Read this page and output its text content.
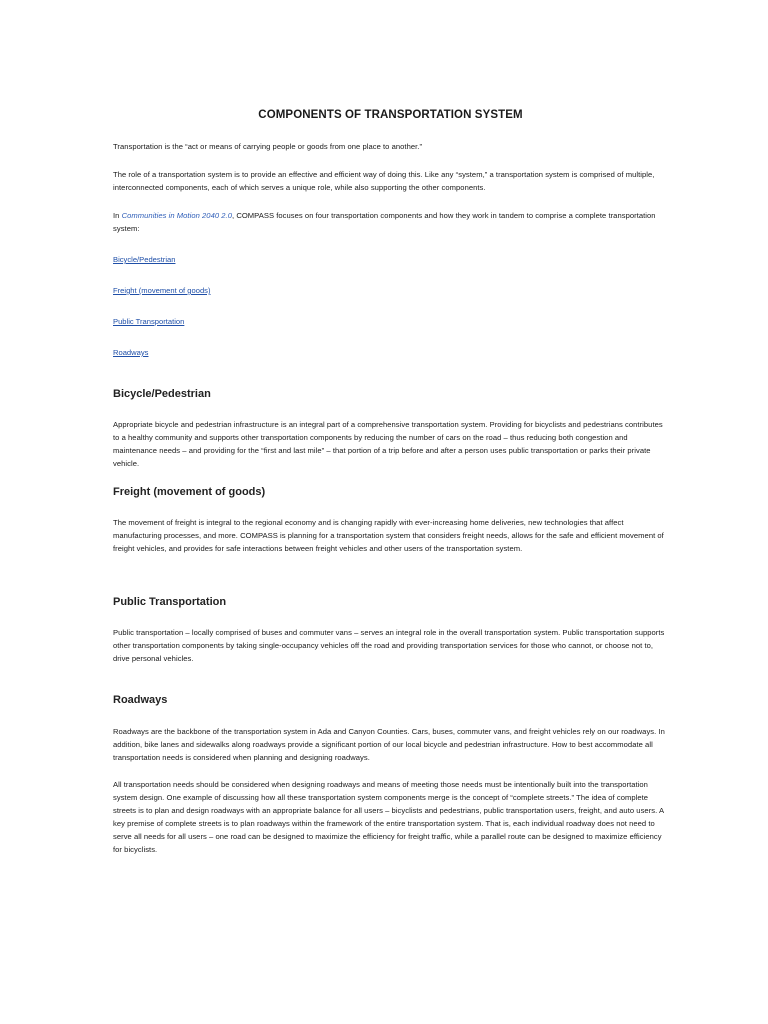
COMPONENTS OF TRANSPORTATION SYSTEM

Transportation is the “act or means of carrying people or goods from one place to another.”

The role of a transportation system is to provide an effective and efficient way of doing this. Like any “system,” a transportation system is comprised of multiple, interconnected components, each of which serves a unique role, while also supporting the other components.

In Communities in Motion 2040 2.0, COMPASS focuses on four transportation components and how they work in tandem to comprise a complete transportation system:

Bicycle/Pedestrian

Freight (movement of goods)

Public Transportation

Roadways

Bicycle/Pedestrian

Appropriate bicycle and pedestrian infrastructure is an integral part of a comprehensive transportation system. Providing for bicyclists and pedestrians contributes to a healthy community and supports other transportation components by reducing the number of cars on the road – thus reducing both congestion and maintenance needs – and providing for the “first and last mile” – that portion of a trip before and after a person uses public transportation or parks their private vehicle.

Freight (movement of goods)

The movement of freight is integral to the regional economy and is changing rapidly with ever-increasing home deliveries, new technologies that affect manufacturing processes, and more. COMPASS is planning for a transportation system that considers freight needs, allows for the safe and efficient movement of freight vehicles, and provides for safe interactions between freight vehicles and other users of the transportation system.

Public Transportation

Public transportation – locally comprised of buses and commuter vans – serves an integral role in the overall transportation system. Public transportation supports other transportation components by taking single-occupancy vehicles off the road and providing transportation services for those who cannot, or choose not to, drive personal vehicles.

Roadways

Roadways are the backbone of the transportation system in Ada and Canyon Counties. Cars, buses, commuter vans, and freight vehicles rely on our roadways. In addition, bike lanes and sidewalks along roadways provide a significant portion of our local bicycle and pedestrian infrastructure. How to best accommodate all transportation needs is considered when planning and designing roadways.

All transportation needs should be considered when designing roadways and means of meeting those needs must be intentionally built into the transportation system design. One example of discussing how all these transportation system components merge is the concept of “complete streets.” The idea of complete streets is to plan and design roadways with an appropriate balance for all users – bicyclists and pedestrians, public transportation users, freight, and auto users. A key premise of complete streets is to plan roadways within the framework of the entire transportation system. That is, each individual roadway does not need to serve all needs for all users – one road can be designed to maximize the efficiency for freight traffic, while a parallel route can be designed to maximize efficiency for bicyclists.
